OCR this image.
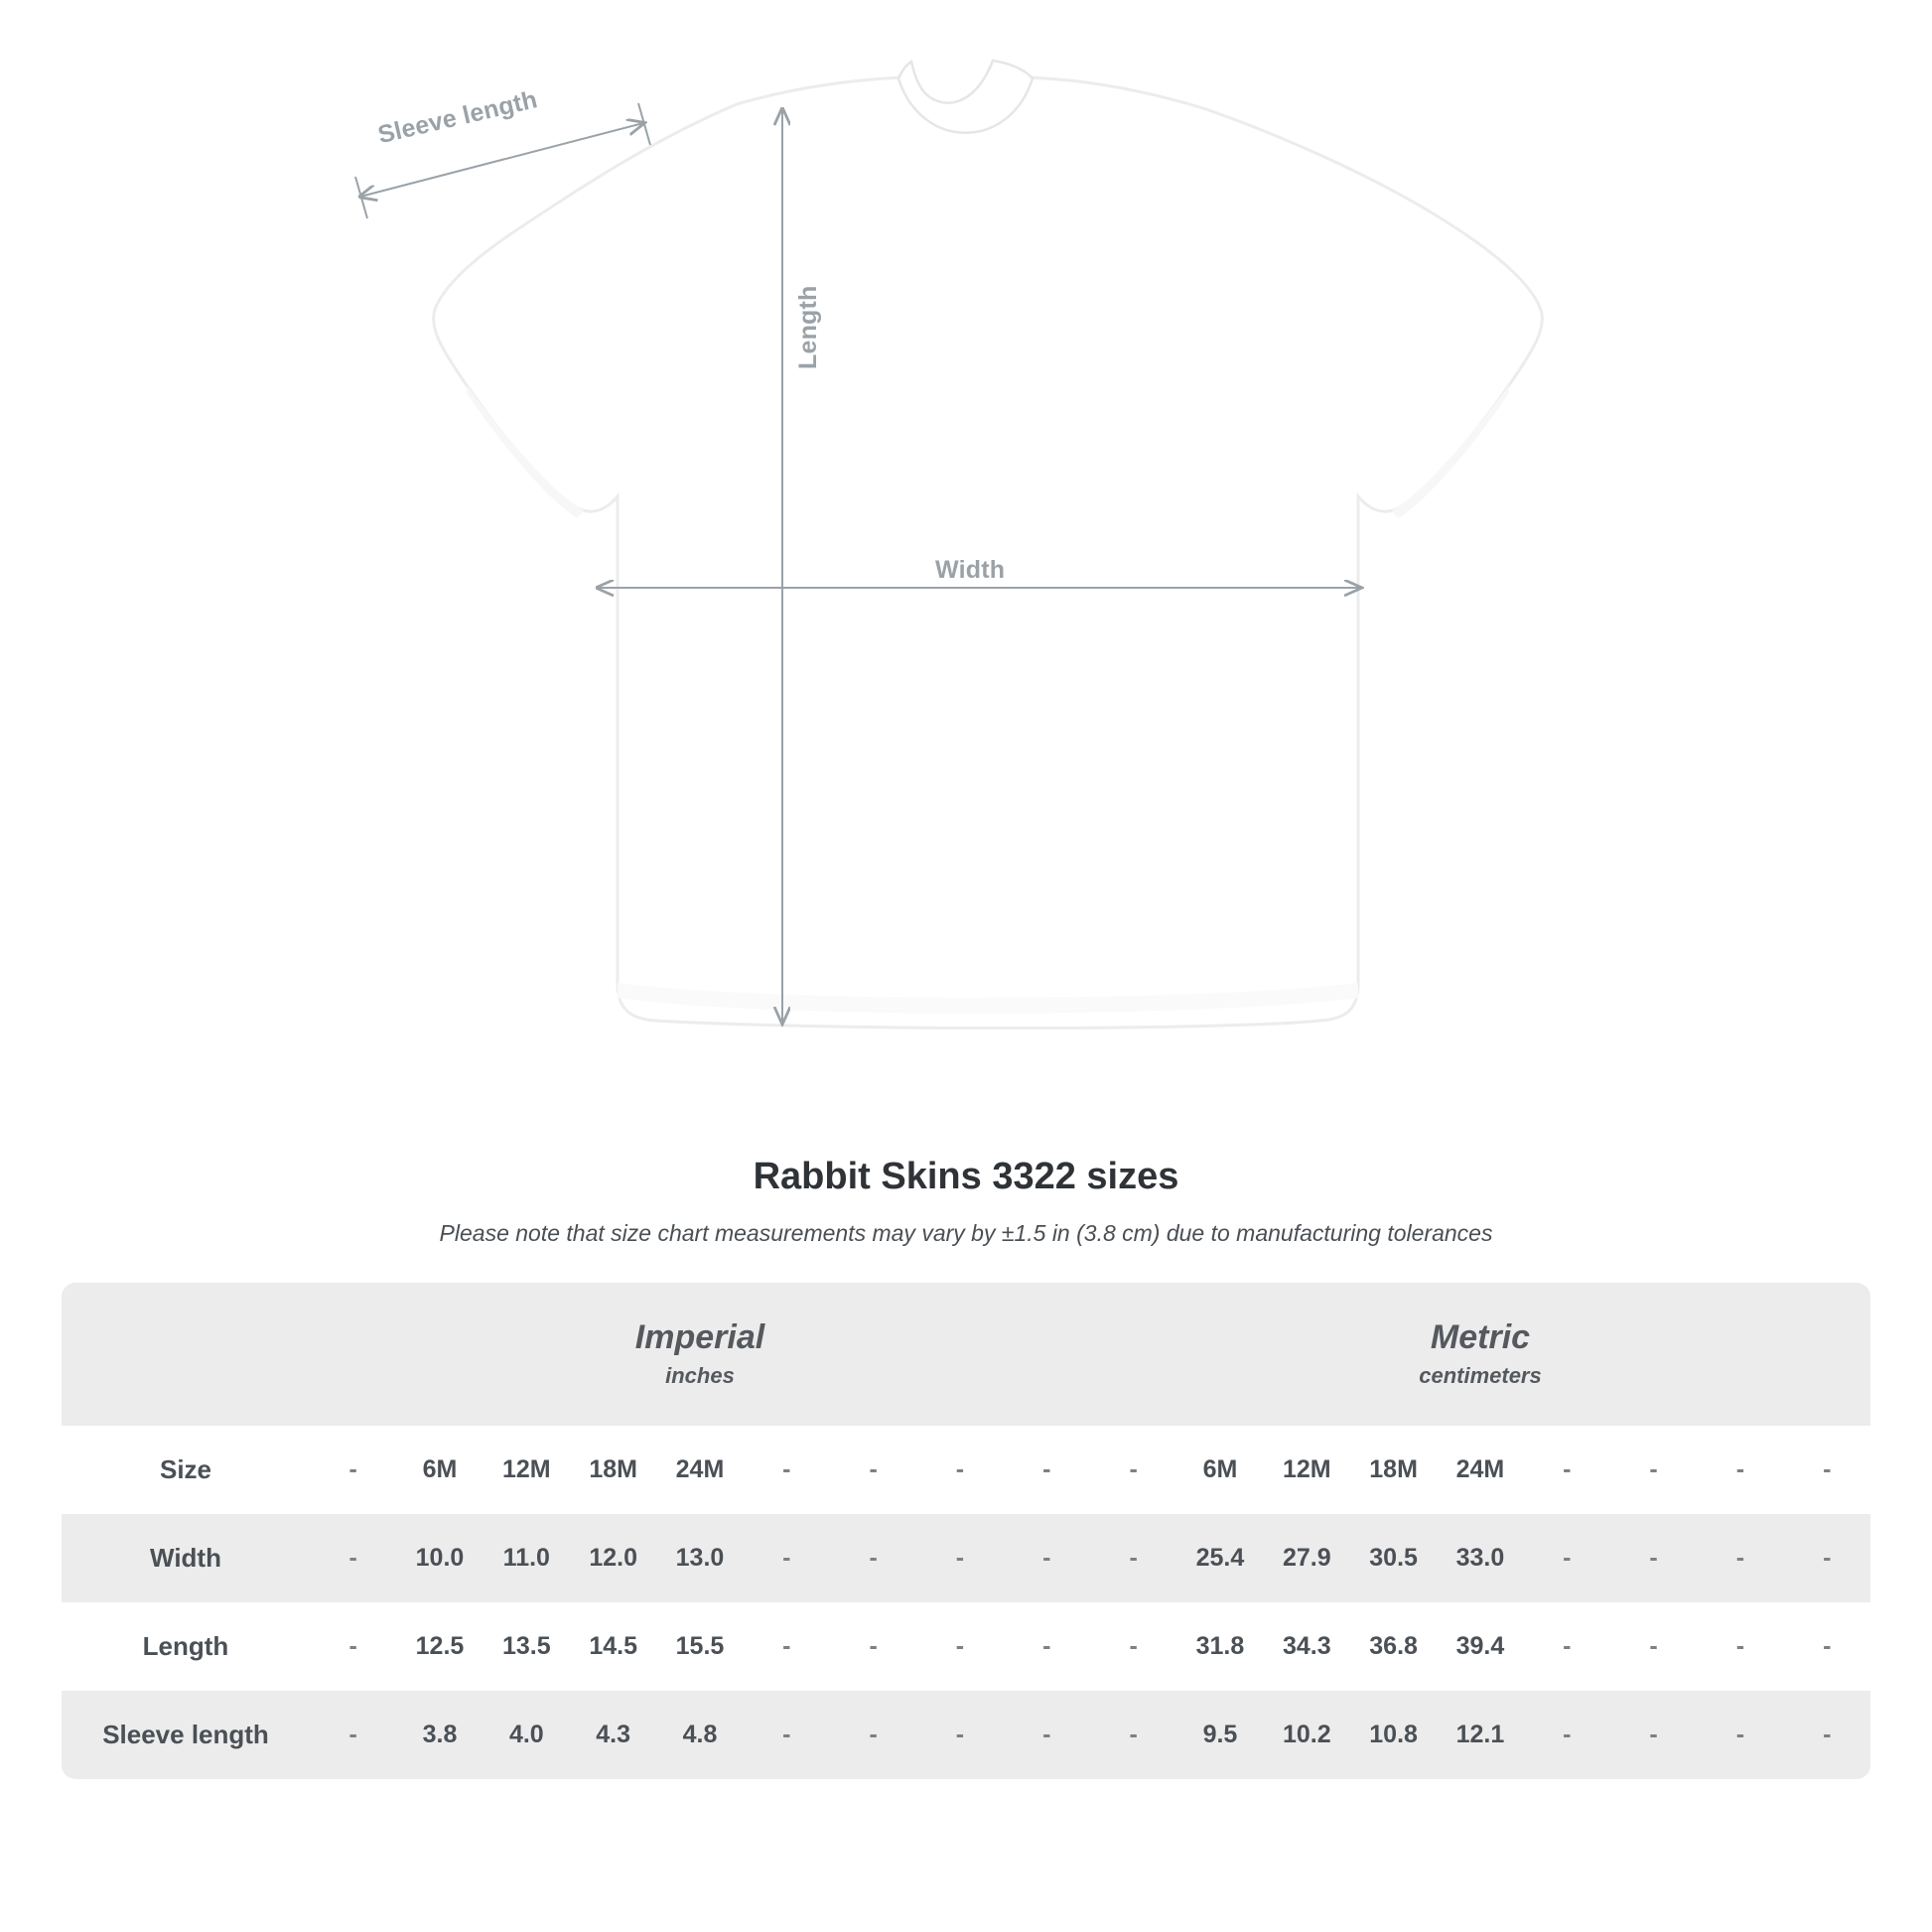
Sleeve length
Length
Width
Rabbit Skins 3322 sizes

Please note that size chart measurements may vary by ±1.5 in (3.8 cm) due to manufacturing tolerances

Imperial
inches

Metric
centimeters

Size	-	6M	12M	18M	24M	-	-	-	-	-	6M	12M	18M	24M	-	-	-	-
Width	-	10.0	11.0	12.0	13.0	-	-	-	-	-	25.4	27.9	30.5	33.0	-	-	-	-
Length	-	12.5	13.5	14.5	15.5	-	-	-	-	-	31.8	34.3	36.8	39.4	-	-	-	-
Sleeve length	-	3.8	4.0	4.3	4.8	-	-	-	-	-	9.5	10.2	10.8	12.1	-	-	-	-
